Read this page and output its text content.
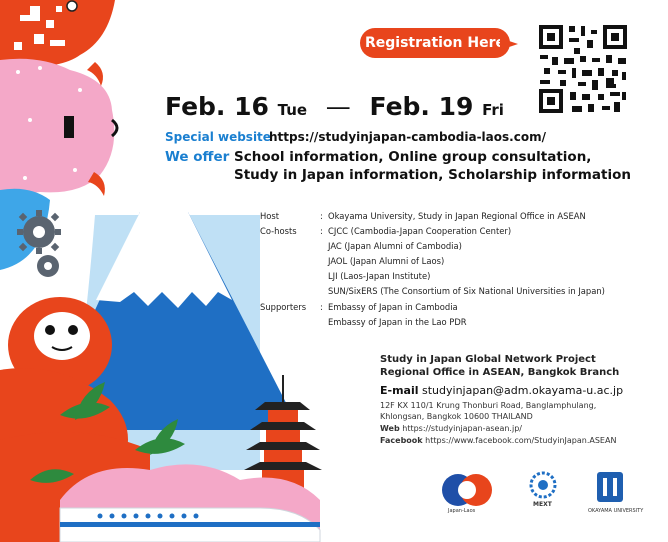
Registration Here
Feb. 16 Tue — Feb. 19 Fri
Special website
https://studyinjapan-cambodia-laos.com/
We offer School information, Online group consultation,
Study in Japan information, Scholarship information
Host	: Okayama University, Study in Japan Regional Office in ASEAN
Co-hosts	: CJCC (Cambodia-Japan Cooperation Center)
JAC (Japan Alumni of Cambodia)
JAOL (Japan Alumni of Laos)
LJI (Laos-Japan Institute)
SUN/SixERS (The Consortium of Six National Universities in Japan)
Supporters : Embassy of Japan in Cambodia
Embassy of Japan in the Lao PDR
Study in Japan Global Network Project
Regional Office in ASEAN, Bangkok Branch
E-mail studyinjapan@adm.okayama-u.ac.jp
12F KX 110/1 Krung Thonburi Road, Banglamphulang,
Khlongsan, Bangkok 10600 THAILAND
Web https://studyinjapan-asean.jp/
Facebook https://www.facebook.com/StudyinJapan.ASEAN
Japan-Laos
MEXT
OKAYAMA UNIVERSITY
